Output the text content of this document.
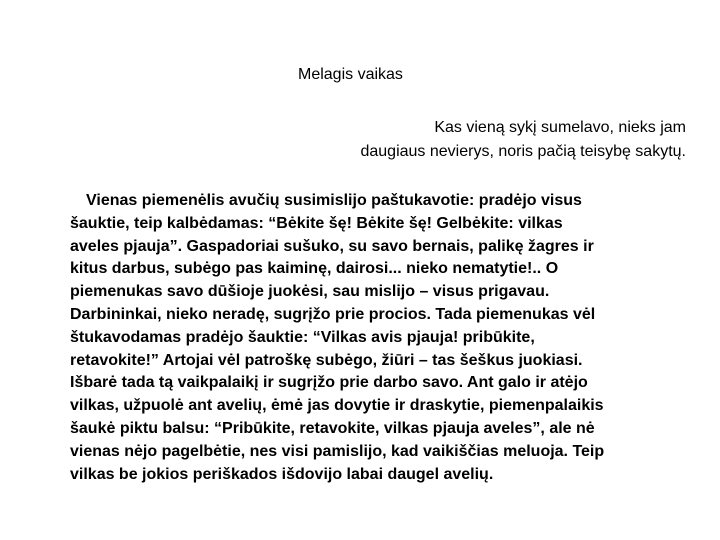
Melagis vaikas
Kas vieną sykį sumelavo, nieks jam
daugiaus nevierys, noris pačią teisybę sakytų.
Vienas piemenėlis avučių susimislijo paštukavotie: pradėjo visus
šauktie, teip kalbėdamas: “Bėkite šę! Bėkite šę! Gelbėkite: vilkas
aveles pjauja”. Gaspadoriai sušuko, su savo bernais, palikę žagres ir
kitus darbus, subėgo pas kaiminę, dairosi... nieko nematytie!.. O
piemenukas savo dūšioje juokėsi, sau mislijo – visus prigavau.
Darbininkai, nieko neradę, sugrįžo prie procios. Tada piemenukas vėl
štukavodamas pradėjo šauktie: “Vilkas avis pjauja! pribūkite,
retavokite!” Artojai vėl patroškę subėgo, žiūri – tas šeškus juokiasi.
Išbarė tada tą vaikpalaikį ir sugrįžo prie darbo savo. Ant galo ir atėjo
vilkas, užpuolė ant avelių, ėmė jas dovytie ir draskytie, piemenpalaikis
šaukė piktu balsu: “Pribūkite, retavokite, vilkas pjauja aveles”, ale nė
vienas nėjo pagelbėtie, nes visi pamislijo, kad vaikiščias meluoja. Teip
vilkas be jokios periškados išdovijo labai daugel avelių.
